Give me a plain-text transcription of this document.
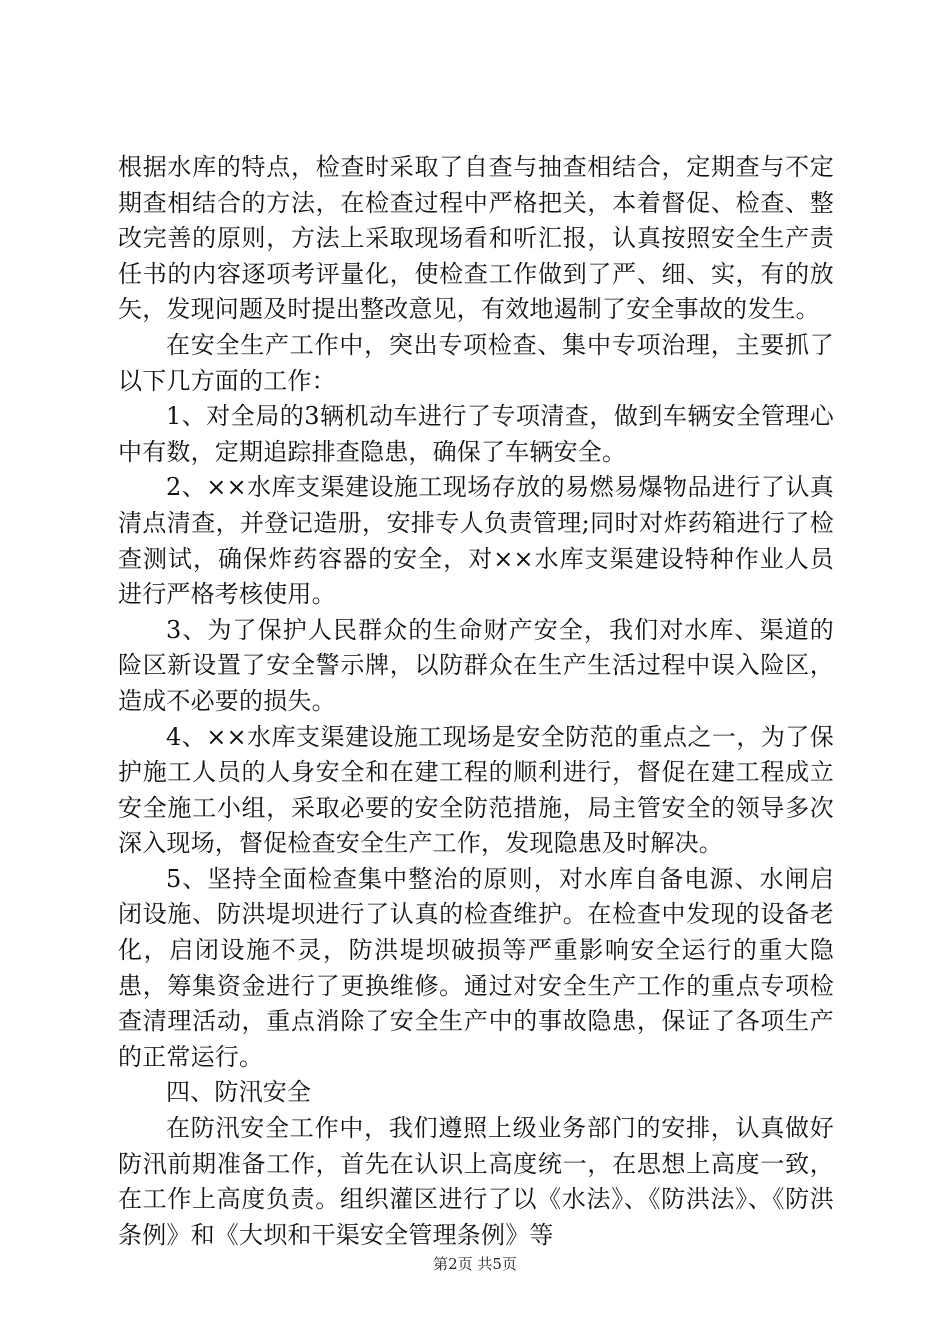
根据水库的特点，检查时采取了自查与抽查相结合，定期查与不定期查相结合的方法，在检查过程中严格把关，本着督促、检查、整改完善的原则，方法上采取现场看和听汇报，认真按照安全生产责任书的内容逐项考评量化，使检查工作做到了严、细、实，有的放矢，发现问题及时提出整改意见，有效地遏制了安全事故的发生。

在安全生产工作中，突出专项检查、集中专项治理，主要抓了以下几方面的工作：

1、对全局的3辆机动车进行了专项清查，做到车辆安全管理心中有数，定期追踪排查隐患，确保了车辆安全。

2、××水库支渠建设施工现场存放的易燃易爆物品进行了认真清点清查，并登记造册，安排专人负责管理;同时对炸药箱进行了检查测试，确保炸药容器的安全，对××水库支渠建设特种作业人员进行严格考核使用。

3、为了保护人民群众的生命财产安全，我们对水库、渠道的险区新设置了安全警示牌，以防群众在生产生活过程中误入险区，造成不必要的损失。

4、××水库支渠建设施工现场是安全防范的重点之一，为了保护施工人员的人身安全和在建工程的顺利进行，督促在建工程成立安全施工小组，采取必要的安全防范措施，局主管安全的领导多次深入现场，督促检查安全生产工作，发现隐患及时解决。

5、坚持全面检查集中整治的原则，对水库自备电源、水闸启闭设施、防洪堤坝进行了认真的检查维护。在检查中发现的设备老化，启闭设施不灵，防洪堤坝破损等严重影响安全运行的重大隐患，筹集资金进行了更换维修。通过对安全生产工作的重点专项检查清理活动，重点消除了安全生产中的事故隐患，保证了各项生产的正常运行。

四、防汛安全

在防汛安全工作中，我们遵照上级业务部门的安排，认真做好防汛前期准备工作，首先在认识上高度统一，在思想上高度一致，在工作上高度负责。组织灌区进行了以《水法》、《防洪法》、《防洪条例》和《大坝和干渠安全管理条例》等

第2页 共5页
